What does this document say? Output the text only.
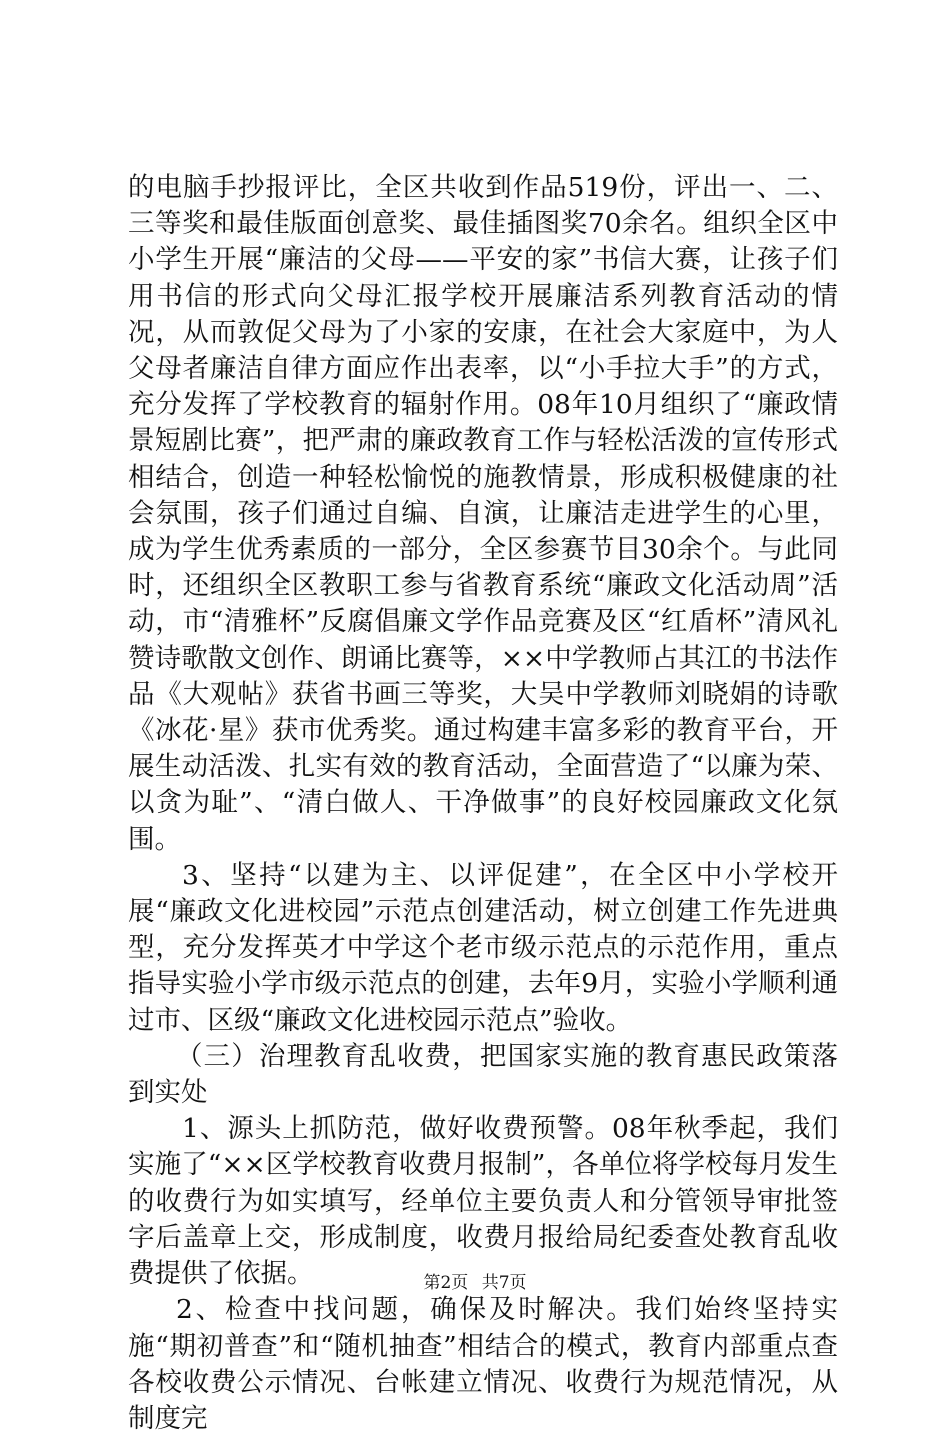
的电脑手抄报评比，全区共收到作品519份，评出一、二、三等奖和最佳版面创意奖、最佳插图奖70余名。组织全区中小学生开展“廉洁的父母——平安的家”书信大赛，让孩子们用书信的形式向父母汇报学校开展廉洁系列教育活动的情况，从而敦促父母为了小家的安康，在社会大家庭中，为人父母者廉洁自律方面应作出表率，以“小手拉大手”的方式，充分发挥了学校教育的辐射作用。08年10月组织了“廉政情景短剧比赛”，把严肃的廉政教育工作与轻松活泼的宣传形式相结合，创造一种轻松愉悦的施教情景，形成积极健康的社会氛围，孩子们通过自编、自演，让廉洁走进学生的心里，成为学生优秀素质的一部分，全区参赛节目30余个。与此同时，还组织全区教职工参与省教育系统“廉政文化活动周”活动，市“清雅杯”反腐倡廉文学作品竞赛及区“红盾杯”清风礼赞诗歌散文创作、朗诵比赛等，××中学教师占其江的书法作品《大观帖》获省书画三等奖，大吴中学教师刘晓娟的诗歌《冰花·星》获市优秀奖。通过构建丰富多彩的教育平台，开展生动活泼、扎实有效的教育活动，全面营造了“以廉为荣、以贪为耻”、“清白做人、干净做事”的良好校园廉政文化氛围。

3、坚持“以建为主、以评促建”，在全区中小学校开展“廉政文化进校园”示范点创建活动，树立创建工作先进典型，充分发挥英才中学这个老市级示范点的示范作用，重点指导实验小学市级示范点的创建，去年9月，实验小学顺利通过市、区级“廉政文化进校园示范点”验收。

（三）治理教育乱收费，把国家实施的教育惠民政策落到实处

1、源头上抓防范，做好收费预警。08年秋季起，我们实施了“××区学校教育收费月报制”，各单位将学校每月发生的收费行为如实填写，经单位主要负责人和分管领导审批签字后盖章上交，形成制度，收费月报给局纪委查处教育乱收费提供了依据。

2、检查中找问题，确保及时解决。我们始终坚持实施“期初普查”和“随机抽查”相结合的模式，教育内部重点查各校收费公示情况、台帐建立情况、收费行为规范情况，从制度完

第2页 共7页
